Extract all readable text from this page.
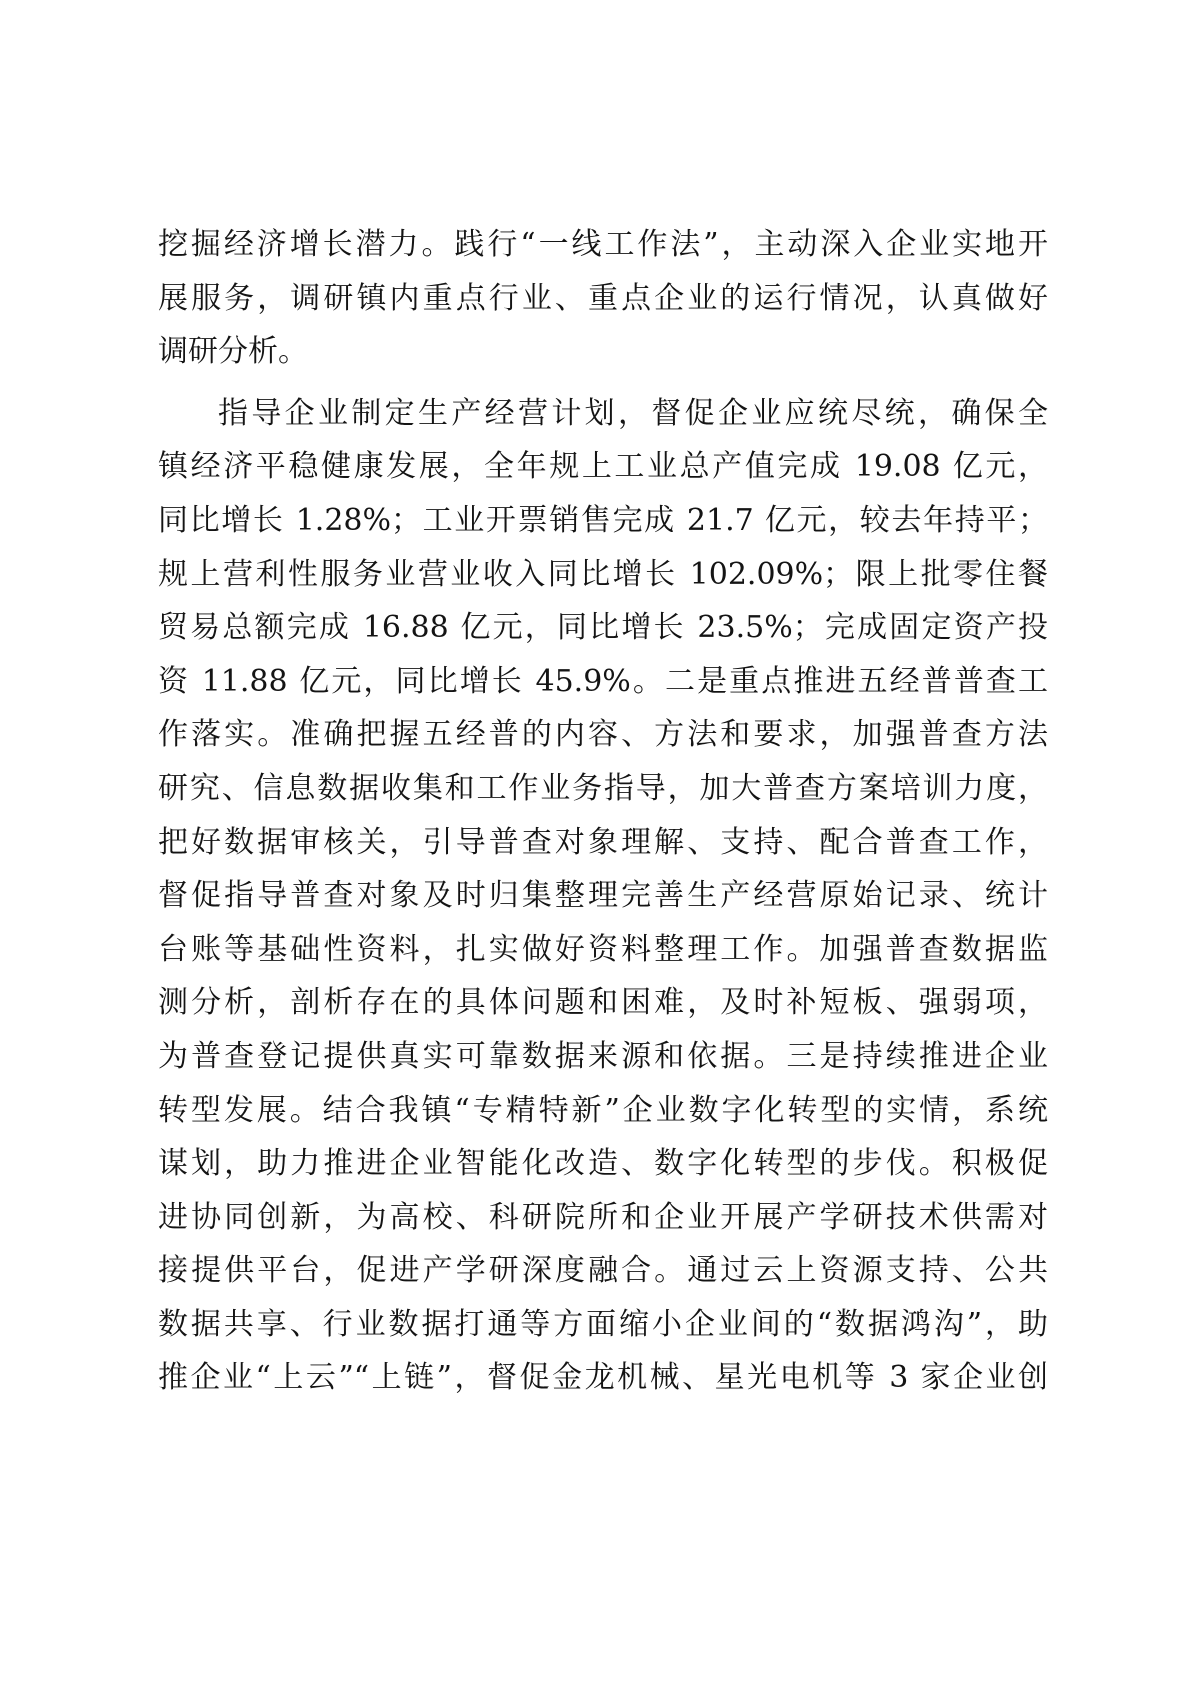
挖掘经济增长潜力。践行“一线工作法”，主动深入企业实地开
展服务，调研镇内重点行业、重点企业的运行情况，认真做好
调研分析。
指导企业制定生产经营计划，督促企业应统尽统，确保全
镇经济平稳健康发展，全年规上工业总产值完成 19.08 亿元，
同比增长 1.28%；工业开票销售完成 21.7 亿元，较去年持平；
规上营利性服务业营业收入同比增长 102.09%；限上批零住餐
贸易总额完成 16.88 亿元，同比增长 23.5%；完成固定资产投
资 11.88 亿元，同比增长 45.9%。二是重点推进五经普普查工
作落实。准确把握五经普的内容、方法和要求，加强普查方法
研究、信息数据收集和工作业务指导，加大普查方案培训力度，
把好数据审核关，引导普查对象理解、支持、配合普查工作，
督促指导普查对象及时归集整理完善生产经营原始记录、统计
台账等基础性资料，扎实做好资料整理工作。加强普查数据监
测分析，剖析存在的具体问题和困难，及时补短板、强弱项，
为普查登记提供真实可靠数据来源和依据。三是持续推进企业
转型发展。结合我镇“专精特新”企业数字化转型的实情，系统
谋划，助力推进企业智能化改造、数字化转型的步伐。积极促
进协同创新，为高校、科研院所和企业开展产学研技术供需对
接提供平台，促进产学研深度融合。通过云上资源支持、公共
数据共享、行业数据打通等方面缩小企业间的“数据鸿沟”，助
推企业“上云”“上链”，督促金龙机械、星光电机等 3 家企业创
